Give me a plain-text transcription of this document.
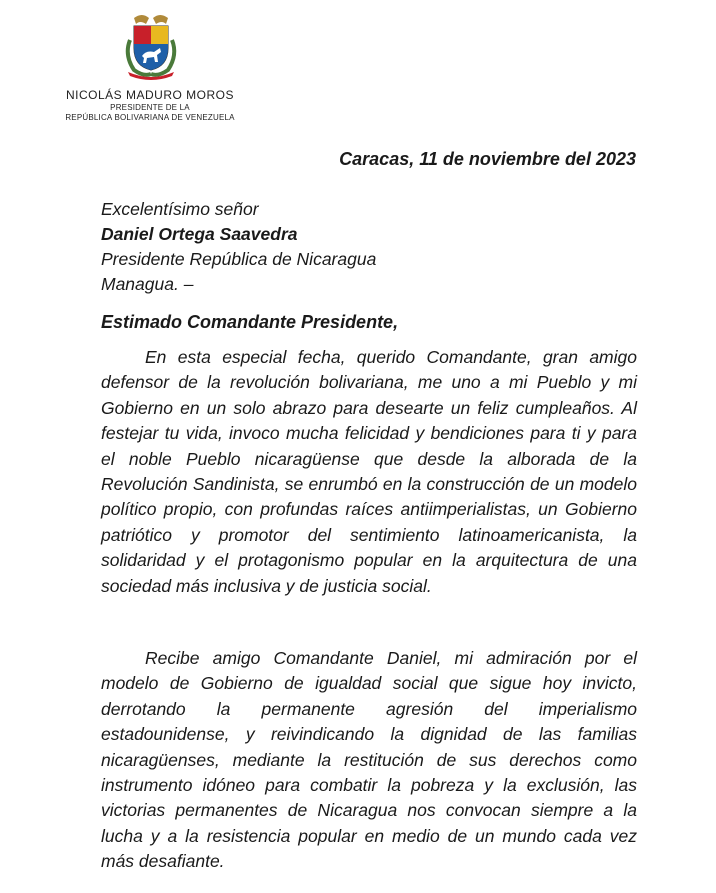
NICOLÁS MADURO MOROS
PRESIDENTE DE LA
REPÚBLICA BOLIVARIANA DE VENEZUELA
Caracas, 11 de noviembre del 2023
Excelentísimo señor
Daniel Ortega Saavedra
Presidente República de Nicaragua
Managua. –
Estimado Comandante Presidente,

En esta especial fecha, querido Comandante, gran amigo defensor de la revolución bolivariana, me uno a mi Pueblo y mi Gobierno en un solo abrazo para desearte un feliz cumpleaños. Al festejar tu vida, invoco mucha felicidad y bendiciones para ti y para el noble Pueblo nicaragüense que desde la alborada de la Revolución Sandinista, se enrumbó en la construcción de un modelo político propio, con profundas raíces antiimperialistas, un Gobierno patriótico y promotor del sentimiento latinoamericanista, la solidaridad y el protagonismo popular en la arquitectura de una sociedad más inclusiva y de justicia social.

Recibe amigo Comandante Daniel, mi admiración por el modelo de Gobierno de igualdad social que sigue hoy invicto, derrotando la permanente agresión del imperialismo estadounidense, y reivindicando la dignidad de las familias nicaragüenses, mediante la restitución de sus derechos como instrumento idóneo para combatir la pobreza y la exclusión, las victorias permanentes de Nicaragua nos convocan siempre a la lucha y a la resistencia popular en medio de un mundo cada vez más desafiante.
